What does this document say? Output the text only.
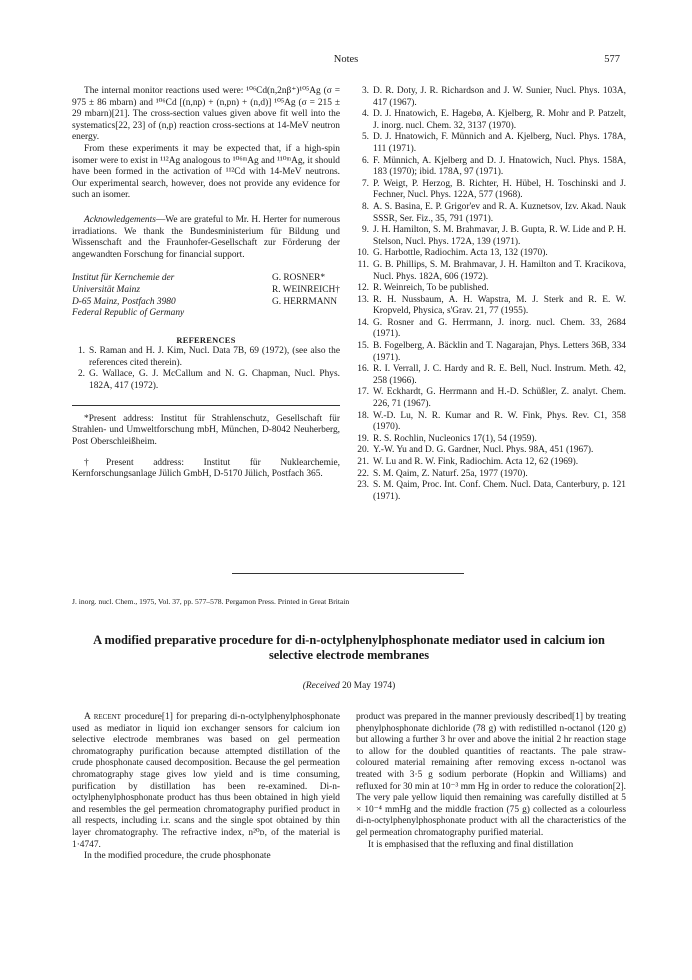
Notes	577

The internal monitor reactions used were: ¹⁰⁶Cd(n,2nβ⁺)¹⁰⁵Ag (σ = 975 ± 86 mbarn) and ¹⁰⁶Cd [(n,np) + (n,pn) + (n,d)] ¹⁰⁵Ag (σ = 215 ± 29 mbarn)[21]. The cross-section values given above fit well into the systematics[22, 23] of (n,p) reaction cross-sections at 14-MeV neutron energy.

From these experiments it may be expected that, if a high-spin isomer were to exist in ¹¹²Ag analogous to ¹⁰⁶ᵐAg and ¹¹⁰ᵐAg, it should have been formed in the activation of ¹¹²Cd with 14-MeV neutrons. Our experimental search, however, does not provide any evidence for such an isomer.

Acknowledgements—We are grateful to Mr. H. Herter for numerous irradiations. We thank the Bundesministerium für Bildung und Wissenschaft and the Fraunhofer-Gesellschaft zur Förderung der angewandten Forschung for financial support.

Institut für Kernchemie der
Universität Mainz
D-65 Mainz, Postfach 3980
Federal Republic of Germany
G. ROSNER*
R. WEINREICH†
G. HERRMANN
REFERENCES

1. S. Raman and H. J. Kim, Nucl. Data 7B, 69 (1972), (see also the references cited therein).

2. G. Wallace, G. J. McCallum and N. G. Chapman, Nucl. Phys. 182A, 417 (1972).

*Present address: Institut für Strahlenschutz, Gesellschaft für Strahlen- und Umweltforschung mbH, München, D-8042 Neuherberg, Post Oberschleißheim.

†Present address: Institut für Nuklearchemie, Kernforschungsanlage Jülich GmbH, D-5170 Jülich, Postfach 365.

3. D. R. Doty, J. R. Richardson and J. W. Sunier, Nucl. Phys. 103A, 417 (1967).

4. D. J. Hnatowich, E. Hagebø, A. Kjelberg, R. Mohr and P. Patzelt, J. inorg. nucl. Chem. 32, 3137 (1970).

5. D. J. Hnatowich, F. Münnich and A. Kjelberg, Nucl. Phys. 178A, 111 (1971).

6. F. Münnich, A. Kjelberg and D. J. Hnatowich, Nucl. Phys. 158A, 183 (1970); ibid. 178A, 97 (1971).

7. P. Weigt, P. Herzog, B. Richter, H. Hübel, H. Toschinski and J. Fechner, Nucl. Phys. 122A, 577 (1968).

8. A. S. Basina, E. P. Grigor'ev and R. A. Kuznetsov, Izv. Akad. Nauk SSSR, Ser. Fiz., 35, 791 (1971).

9. J. H. Hamilton, S. M. Brahmavar, J. B. Gupta, R. W. Lide and P. H. Stelson, Nucl. Phys. 172A, 139 (1971).

10. G. Harbottle, Radiochim. Acta 13, 132 (1970).

11. G. B. Phillips, S. M. Brahmavar, J. H. Hamilton and T. Kracikova, Nucl. Phys. 182A, 606 (1972).

12. R. Weinreich, To be published.

13. R. H. Nussbaum, A. H. Wapstra, M. J. Sterk and R. E. W. Kropveld, Physica, s'Grav. 21, 77 (1955).

14. G. Rosner and G. Herrmann, J. inorg. nucl. Chem. 33, 2684 (1971).

15. B. Fogelberg, A. Bäcklin and T. Nagarajan, Phys. Letters 36B, 334 (1971).

16. R. I. Verrall, J. C. Hardy and R. E. Bell, Nucl. Instrum. Meth. 42, 258 (1966).

17. W. Eckhardt, G. Herrmann and H.-D. Schüßler, Z. analyt. Chem. 226, 71 (1967).

18. W.-D. Lu, N. R. Kumar and R. W. Fink, Phys. Rev. C1, 358 (1970).

19. R. S. Rochlin, Nucleonics 17(1), 54 (1959).

20. Y.-W. Yu and D. G. Gardner, Nucl. Phys. 98A, 451 (1967).

21. W. Lu and R. W. Fink, Radiochim. Acta 12, 62 (1969).

22. S. M. Qaim, Z. Naturf. 25a, 1977 (1970).

23. S. M. Qaim, Proc. Int. Conf. Chem. Nucl. Data, Canterbury, p. 121 (1971).

J. inorg. nucl. Chem., 1975, Vol. 37, pp. 577–578. Pergamon Press. Printed in Great Britain
A modified preparative procedure for di-n-octylphenylphosphonate mediator used in calcium ion selective electrode membranes
(Received 20 May 1974)

A recent procedure[1] for preparing di-n-octylphenylphosphonate used as mediator in liquid ion exchanger sensors for calcium ion selective electrode membranes was based on gel permeation chromatography purification because attempted distillation of the crude phosphonate caused decomposition. Because the gel permeation chromatography stage gives low yield and is time consuming, purification by distillation has been re-examined. Di-n-octylphenylphosphonate product has thus been obtained in high yield and resembles the gel permeation chromatography purified product in all respects, including i.r. scans and the single spot obtained by thin layer chromatography. The refractive index, n²⁰ᴅ, of the material is 1·4747.

In the modified procedure, the crude phosphonate

product was prepared in the manner previously described[1] by treating phenylphosphonate dichloride (78 g) with redistilled n-octanol (120 g) but allowing a further 3 hr over and above the initial 2 hr reaction stage to allow for the doubled quantities of reactants. The pale straw-coloured material remaining after removing excess n-octanol was treated with 3·5 g sodium perborate (Hopkin and Williams) and refluxed for 30 min at 10⁻³ mm Hg in order to reduce the coloration[2]. The very pale yellow liquid then remaining was carefully distilled at 5 × 10⁻⁴ mmHg and the middle fraction (75 g) collected as a colourless di-n-octylphenylphosphonate product with all the characteristics of the gel permeation chromatography purified material.

It is emphasised that the refluxing and final distillation
